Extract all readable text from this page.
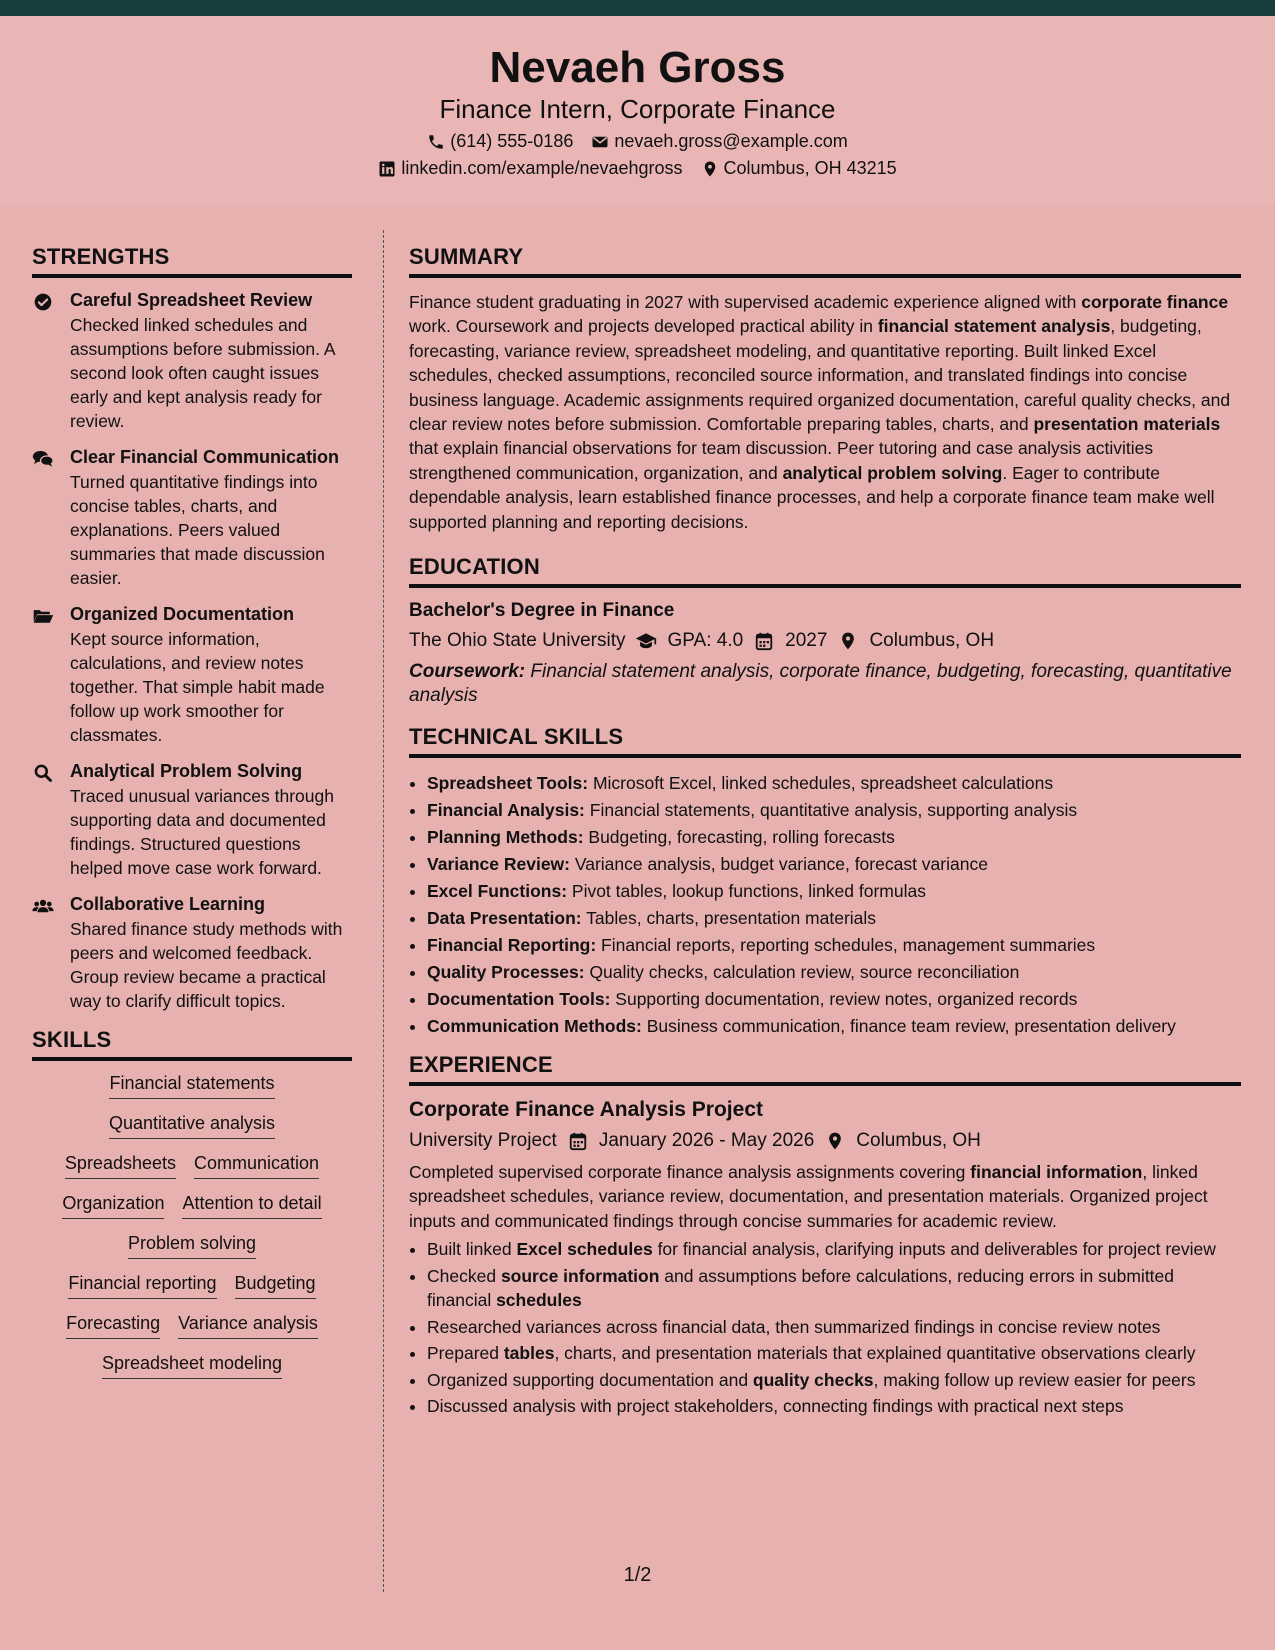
Nevaeh Gross
Finance Intern, Corporate Finance
(614) 555-0186 nevaeh.gross@example.com
linkedin.com/example/nevaehgross Columbus, OH 43215
STRENGTHS
Careful Spreadsheet Review
Checked linked schedules and assumptions before submission. A second look often caught issues early and kept analysis ready for review.
Clear Financial Communication
Turned quantitative findings into concise tables, charts, and explanations. Peers valued summaries that made discussion easier.
Organized Documentation
Kept source information, calculations, and review notes together. That simple habit made follow up work smoother for classmates.
Analytical Problem Solving
Traced unusual variances through supporting data and documented findings. Structured questions helped move case work forward.
Collaborative Learning
Shared finance study methods with peers and welcomed feedback. Group review became a practical way to clarify difficult topics.
SKILLS
Financial statements
Quantitative analysis
Spreadsheets Communication
Organization Attention to detail
Problem solving
Financial reporting Budgeting
Forecasting Variance analysis
Spreadsheet modeling
SUMMARY

Finance student graduating in 2027 with supervised academic experience aligned with corporate finance work. Coursework and projects developed practical ability in financial statement analysis, budgeting, forecasting, variance review, spreadsheet modeling, and quantitative reporting. Built linked Excel schedules, checked assumptions, reconciled source information, and translated findings into concise business language. Academic assignments required organized documentation, careful quality checks, and clear review notes before submission. Comfortable preparing tables, charts, and presentation materials that explain financial observations for team discussion. Peer tutoring and case analysis activities strengthened communication, organization, and analytical problem solving. Eager to contribute dependable analysis, learn established finance processes, and help a corporate finance team make well supported planning and reporting decisions.

EDUCATION
Bachelor's Degree in Finance
The Ohio State University GPA: 4.0 2027 Columbus, OH
Coursework: Financial statement analysis, corporate finance, budgeting, forecasting, quantitative analysis
TECHNICAL SKILLS
• Spreadsheet Tools: Microsoft Excel, linked schedules, spreadsheet calculations
• Financial Analysis: Financial statements, quantitative analysis, supporting analysis
• Planning Methods: Budgeting, forecasting, rolling forecasts
• Variance Review: Variance analysis, budget variance, forecast variance
• Excel Functions: Pivot tables, lookup functions, linked formulas
• Data Presentation: Tables, charts, presentation materials
• Financial Reporting: Financial reports, reporting schedules, management summaries
• Quality Processes: Quality checks, calculation review, source reconciliation
• Documentation Tools: Supporting documentation, review notes, organized records
• Communication Methods: Business communication, finance team review, presentation delivery
EXPERIENCE
Corporate Finance Analysis Project
University Project January 2026 - May 2026 Columbus, OH

Completed supervised corporate finance analysis assignments covering financial information, linked spreadsheet schedules, variance review, documentation, and presentation materials. Organized project inputs and communicated findings through concise summaries for academic review.

• Built linked Excel schedules for financial analysis, clarifying inputs and deliverables for project review
• Checked source information and assumptions before calculations, reducing errors in submitted financial schedules
• Researched variances across financial data, then summarized findings in concise review notes
• Prepared tables, charts, and presentation materials that explained quantitative observations clearly
• Organized supporting documentation and quality checks, making follow up review easier for peers
• Discussed analysis with project stakeholders, connecting findings with practical next steps
1/2
